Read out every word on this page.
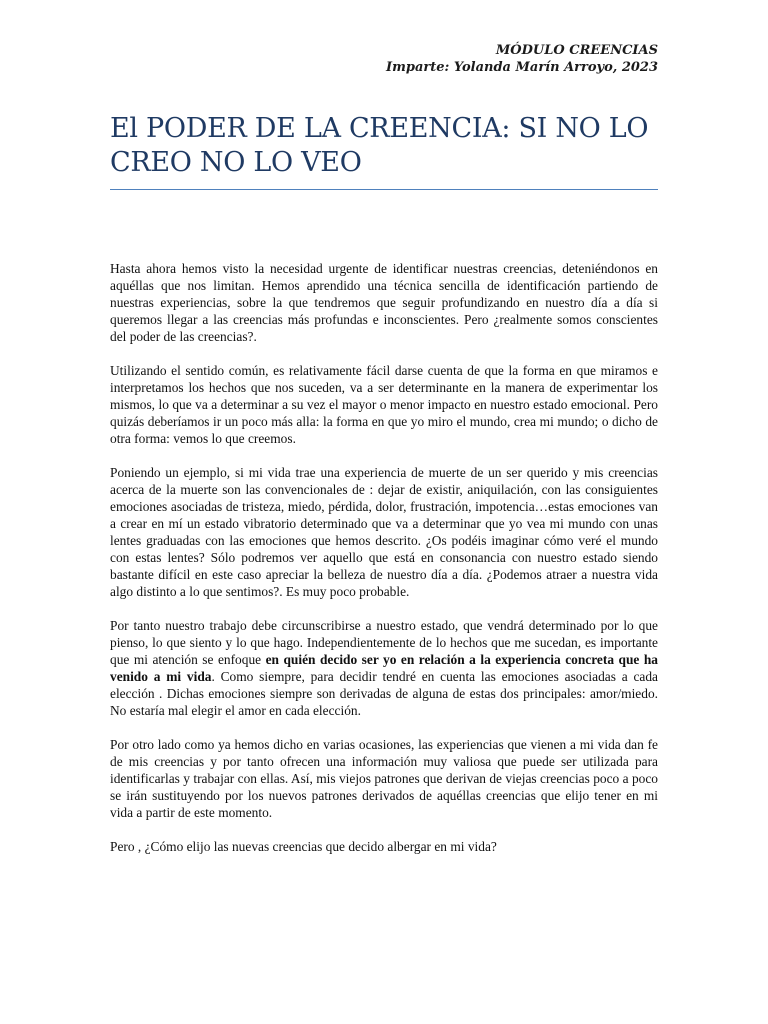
MÓDULO CREENCIAS
Imparte: Yolanda Marín Arroyo, 2023
El PODER DE LA CREENCIA: SI NO LO CREO NO LO VEO

Hasta ahora hemos visto la necesidad urgente de identificar nuestras creencias, deteniéndonos en aquéllas que nos limitan. Hemos aprendido una técnica sencilla de identificación partiendo de nuestras experiencias, sobre la que tendremos que seguir profundizando en nuestro día a día si queremos llegar a las creencias más profundas e inconscientes. Pero ¿realmente somos conscientes del poder de las creencias?.

Utilizando el sentido común, es relativamente fácil darse cuenta de que la forma en que miramos e interpretamos los hechos que nos suceden, va a ser determinante en la manera de experimentar los mismos, lo que va a determinar a su vez el mayor o menor impacto en nuestro estado emocional. Pero quizás deberíamos ir un poco más alla: la forma en que yo miro el mundo, crea mi mundo; o dicho de otra forma: vemos lo que creemos.

Poniendo un ejemplo, si mi vida trae una experiencia de muerte de un ser querido y mis creencias acerca de la muerte son las convencionales de : dejar de existir, aniquilación, con las consiguientes emociones asociadas de tristeza, miedo, pérdida, dolor, frustración, impotencia…estas emociones van a crear en mí un estado vibratorio determinado que va a determinar que yo vea mi mundo con unas lentes graduadas con las emociones que hemos descrito. ¿Os podéis imaginar cómo veré el mundo con estas lentes? Sólo podremos ver aquello que está en consonancia con nuestro estado siendo bastante difícil en este caso apreciar la belleza de nuestro día a día. ¿Podemos atraer a nuestra vida algo distinto a lo que sentimos?. Es muy poco probable.

Por tanto nuestro trabajo debe circunscribirse a nuestro estado, que vendrá determinado por lo que pienso, lo que siento y lo que hago. Independientemente de lo hechos que me sucedan, es importante que mi atención se enfoque en quién decido ser yo en relación a la experiencia concreta que ha venido a mi vida. Como siempre, para decidir tendré en cuenta las emociones asociadas a cada elección . Dichas emociones siempre son derivadas de alguna de estas dos principales: amor/miedo. No estaría mal elegir el amor en cada elección.

Por otro lado como ya hemos dicho en varias ocasiones, las experiencias que vienen a mi vida dan fe de mis creencias y por tanto ofrecen una información muy valiosa que puede ser utilizada para identificarlas y trabajar con ellas. Así, mis viejos patrones que derivan de viejas creencias poco a poco se irán sustituyendo por los nuevos patrones derivados de aquéllas creencias que elijo tener en mi vida a partir de este momento.

Pero , ¿Cómo elijo las nuevas creencias que decido albergar en mi vida?
